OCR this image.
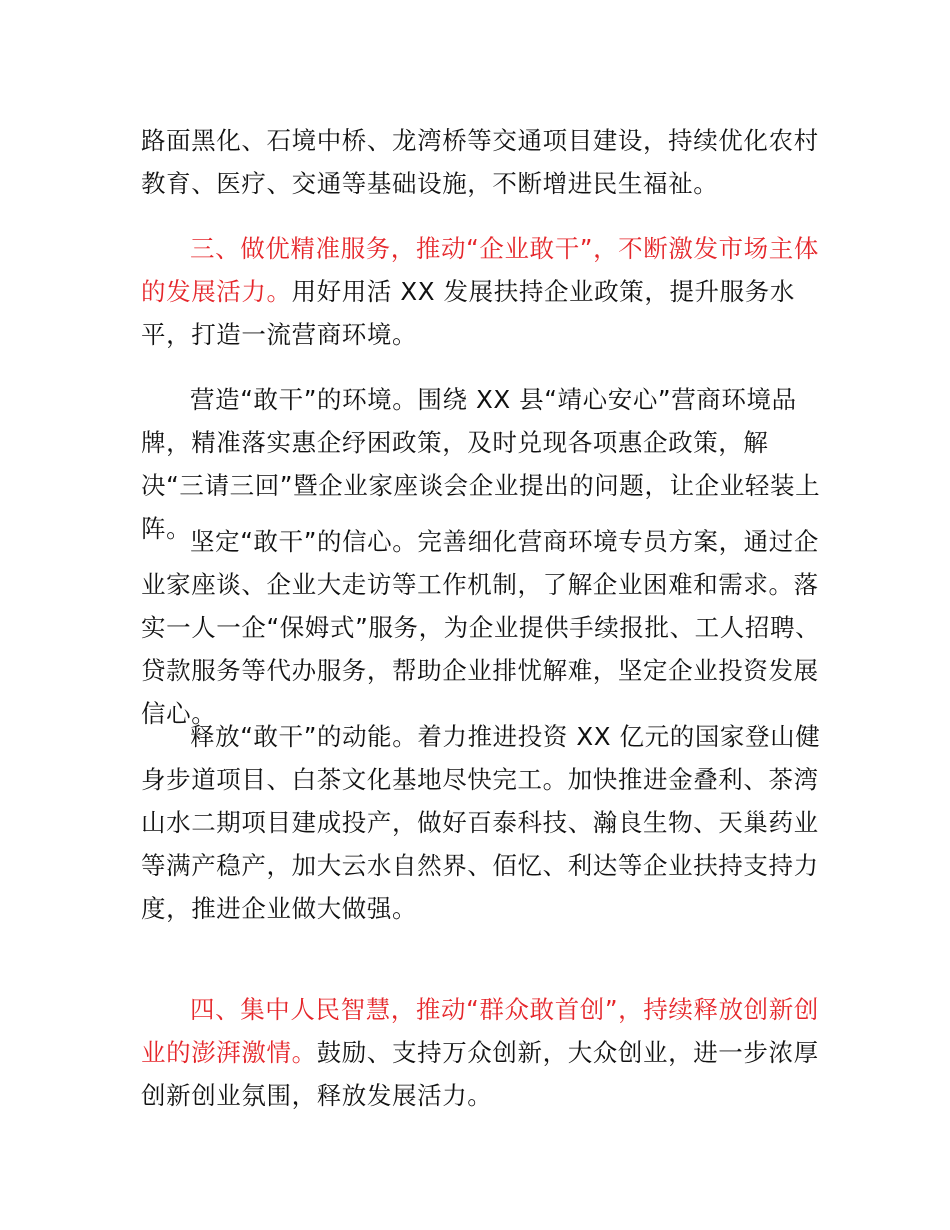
路面黑化、石境中桥、龙湾桥等交通项目建设，持续优化农村教育、医疗、交通等基础设施，不断增进民生福祉。

三、做优精准服务，推动“企业敢干”，不断激发市场主体的发展活力。用好用活 XX 发展扶持企业政策，提升服务水平，打造一流营商环境。

营造“敢干”的环境。围绕 XX 县“靖心安心”营商环境品牌，精准落实惠企纾困政策，及时兑现各项惠企政策，解决“三请三回”暨企业家座谈会企业提出的问题，让企业轻装上阵。

坚定“敢干”的信心。完善细化营商环境专员方案，通过企业家座谈、企业大走访等工作机制，了解企业困难和需求。落实一人一企“保姆式”服务，为企业提供手续报批、工人招聘、贷款服务等代办服务，帮助企业排忧解难，坚定企业投资发展信心。

释放“敢干”的动能。着力推进投资 XX 亿元的国家登山健身步道项目、白茶文化基地尽快完工。加快推进金叠利、茶湾山水二期项目建成投产，做好百泰科技、瀚良生物、天巢药业等满产稳产，加大云水自然界、佰忆、利达等企业扶持支持力度，推进企业做大做强。

四、集中人民智慧，推动“群众敢首创”，持续释放创新创业的澎湃激情。鼓励、支持万众创新，大众创业，进一步浓厚创新创业氛围，释放发展活力。
